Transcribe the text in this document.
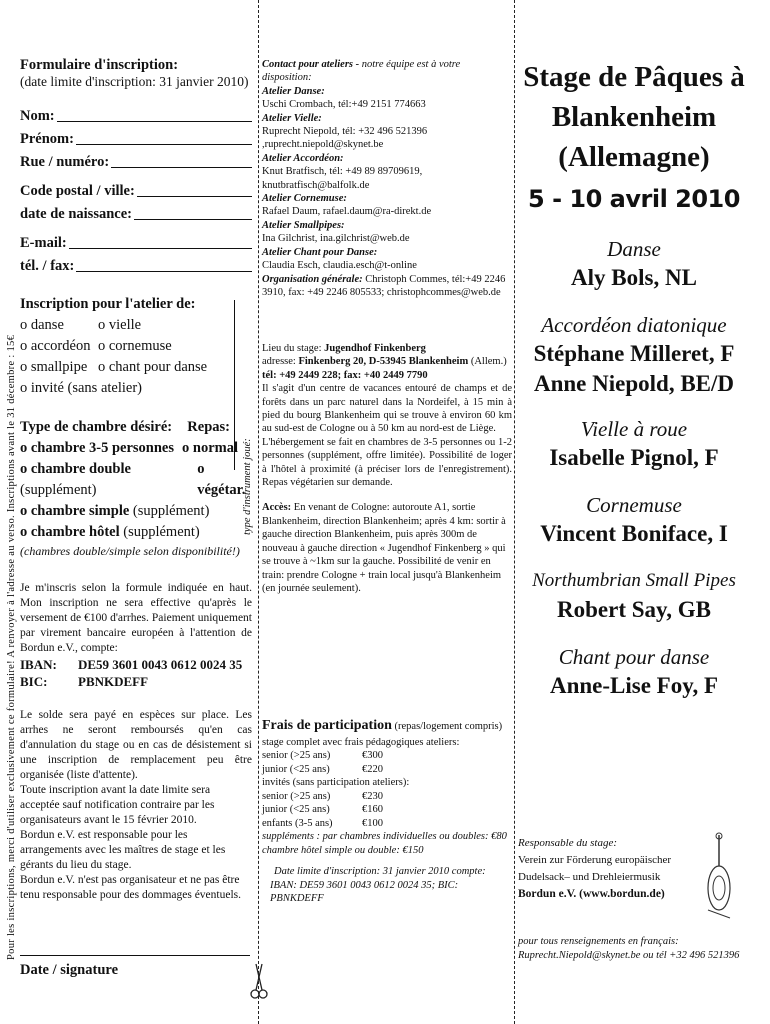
Pour les inscriptions, merci d'utiliser exclusivement ce formulaire! A renvoyer à l'adresse au verso. Inscriptions avant le 31 décembre : 15€	type d'instrument joué:
Formulaire d'inscription:
(date limite d'inscription: 31 janvier 2010)
Nom:
Prénom:
Rue / numéro:
Code postal / ville:
date de naissance:
E-mail:
tél. / fax:
Inscription pour l'atelier de:
o danse	o vielle
o accordéon o cornemuse
o smallpipe o chant pour danse
o invité (sans atelier)
Type de chambre désiré: Repas:
o chambre 3-5 personnes o normal
o chambre double (supplément)
o végétar.
o chambre simple (supplément)
o chambre hôtel (supplément)
(chambres double/simple selon disponibilité!)
Je m'inscris selon la formule indiquée en haut. Mon inscription ne sera effective qu'après le versement de €100 d'arrhes. Paiement uniquement par virement bancaire européen à l'attention de Bordun e.V., compte:
IBAN:	DE59 3601 0043 0612 0024 35
BIC:	PBNKDEFF
Le solde sera payé en espèces sur place. Les arrhes ne seront remboursés qu'en cas d'annulation du stage ou en cas de désistement si une inscription de remplacement peu être organisée (liste d'attente).
Toute inscription avant la date limite sera acceptée sauf notification contraire par les organisateurs avant le 15 février 2010.
Bordun e.V. est responsable pour les arrangements avec les maîtres de stage et les gérants du lieu du stage.
Bordun e.V. n'est pas organisateur et ne pas être tenu responsable pour des dommages éventuels.
Date / signature
Contact pour ateliers - notre équipe est à votre disposition:
Atelier Danse:
Uschi Crombach, tél:+49 2151 774663
Atelier Vielle:
Ruprecht Niepold, tél: +32 496 521396 ,ruprecht.niepold@skynet.be
Atelier Accordéon:
Knut Bratfisch, tél: +49 89 89709619, knutbratfisch@balfolk.de
Atelier Cornemuse:
Rafael Daum, rafael.daum@ra-direkt.de
Atelier Smallpipes:
Ina Gilchrist, ina.gilchrist@web.de
Atelier Chant pour Danse:
Claudia Esch, claudia.esch@t-online
Organisation générale: Christoph Commes, tél:+49 2246 3910, fax: +49 2246 805533; christophcommes@web.de
Lieu du stage: Jugendhof Finkenberg
adresse: Finkenberg 20, D-53945 Blankenheim (Allem.)
tél: +49 2449 228; fax: +40 2449 7790
Il s'agit d'un centre de vacances entouré de champs et de forêts dans un parc naturel dans la Nordeifel, à 15 min à pied du bourg Blankenheim qui se trouve à environ 60 km au sud-est de Cologne ou à 50 km au nord-est de Liège.
L'hébergement se fait en chambres de 3-5 personnes ou 1-2 personnes (supplément, offre limitée). Possibilité de loger à l'hôtel à proximité (à préciser lors de l'enregistrement). Repas végétarien sur demande.
Accès: En venant de Cologne: autoroute A1, sortie Blankenheim, direction Blankenheim; après 4 km: sortir à gauche direction Blankenheim, puis après 300m de nouveau à gauche direction « Jugendhof Finkenberg » qui se trouve à ~1km sur la gauche. Possibilité de venir en train: prendre Cologne + train local jusqu'à Blankenheim (en journée seulement).
Frais de participation (repas/logement compris)
stage complet avec frais pédagogiques ateliers:
senior (>25 ans)	€300
junior (<25 ans)	€220
invités (sans participation ateliers):
senior (>25 ans)	€230
junior (<25 ans)	€160
enfants (3-5 ans)	€100
suppléments : par chambres individuelles ou doubles: €80
chambre hôtel simple ou double: €150
Date limite d'inscription: 31 janvier 2010 compte:
IBAN: DE59 3601 0043 0612 0024 35; BIC: PBNKDEFF
Stage de Pâques à
Blankenheim
(Allemagne)
5 - 10 avril 2010
Danse
Aly Bols, NL
Accordéon diatonique
Stéphane Milleret, F
Anne Niepold, BE/D
Vielle à roue
Isabelle Pignol, F
Cornemuse
Vincent Boniface, I
Northumbrian Small Pipes
Robert Say, GB
Chant pour danse
Anne-Lise Foy, F
Responsable du stage:
Verein zur Förderung europäischer
Dudelsack– und Drehleiermusik
Bordun e.V. (www.bordun.de)
pour tous renseignements en français:
Ruprecht.Niepold@skynet.be ou tél +32 496 521396
